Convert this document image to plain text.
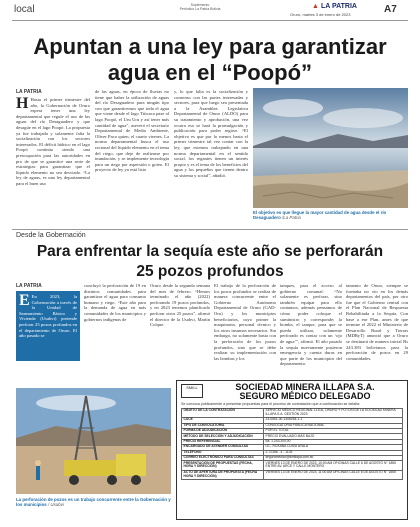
local	Suplemento
Periódico La Patria Bolivia	▲ LA PATRIA
Oruro, martes 3 de enero de 2023	A7
Apuntan a una ley para garantizar agua en el “Poopó”
LA PATRIA
H Hasta el primer trimestre del año, la Gobernación de Oruro espera tener una ley departamental que regule el uso de las aguas del río Desaguadero y que desagüe en el lago Poopó. La propuesta ya fue trabajada y solamente falta la socialización con los sectores interesados. El déficit hídrico en el lago Poopó continúa siendo una preocupación para las autoridades en pro de que se garantice una serie de estrategias para garantizar que el líquido elemento no sea desviado. “La ley de aguas, es una ley departamental para el buen uso
de las aguas, en época de lluvias no tiene que haber la utilización de aguas del río Desaguadero para ningún tipo con que garanticemos que toda el agua que viene desde el lago Titicaca pase al lago Poopó, el Uru Uru y así tener más cantidad de agua”, aseveró el secretario Departamental de Medio Ambiente, Oliver Paco quien, el cuarto viernes. La norma departamental busca el uso racional del líquido elemento en el tema del riego, que deje de realizarse por inundación, y se implemente tecnología para un riego por aspersión o goteo. El proyecto de ley ya está listo
y, lo que falta es la socialización y consenso con las partes interesadas y sectores, para que luego sea presentada a la Asamblea Legislativa Departamental de Oruro (ALDO) para su tratamiento y aprobación, una vez ocurra eso se hará la promulgación y publicación para poder regirse. “El objetivo es que por lo menos hasta el primer trimestre tal vez contar con la ley, que estemos trabajando en una norma departamental en el sentido social, los regantes tienen un interés propio y es el tema de los beneficios del agua y los pequeños que tienen dentro su sistema y social”, añadió.
El objetivo es que llegue la mayor cantidad de agua desde el río Desaguadero /La Patria
Desde la Gobernación
Para enfrentar la sequía este año se perforarán 25 pozos profundos
LA PATRIA
E En 2023, la Gobernación a través de la Unidad de Saneamiento Básico y Vivienda (Usabvi) pretende perforar 25 pozos profundos en el departamento de Oruro. El año pasado se
concluyó la perforación de 19 en distintos comunidades para garantizar el agua para consumo humano y riego. “Este año para la demanda de agua en más comunidades de los municipios y gobiernos indígenas de
Oruro desde la segunda semana del mes de febrero. “Hemos terminado el año (2022) perforando 19 pozos profundos, y en 2023 tenemos planificado perforar otros 25 pozos”, afirmó el director de la Usabvi, Martin Colque.
El trabajo de la perforación de los pozos profundos se realiza de manera concurrente entre el Gobierno Autónomo Departamental de Oruro (GAD-Oru) y los municipios beneficiarios, cuyo primer la maquinaria, personal técnico y los otros insumos necesarios. Sin embargo, no solamente basta con la perforación de los pozos profundos, sino que se debe realizar su implementación con las bombas y los
tanques, para el acceso al gobierno comunal. “No solamente es perforar, sino también equipar para ello contamos, además pensamos de cómo poder coloque el suministro y corresponde; la bomba, el tanque, para que se pueda utilizar, solamente perforado es contar con un ‘ojo de agua’”, afirmó. El año pasado la sequía nuevamente pusieron emergencia y cuenta duras en que parte de los municipios del departamento.
tamento de Oruro, siempre se formaba no vio en los demás departamentos del país, por otro fue que el Gobierno central con el Plan Nacional de Respuesta Rehabilitada a la Sequía. Con base a ese Plan, antes de que termine el 2022 el Ministerio de Desarrollo Rural y Tierras (MDRyT) anunció que a Oruro se destinará de manera inicial Bs 243.383 bolivianos para la perforación de pozos en 29 comunidades.
La perforación de pozos es un trabajo concurrente entre la Gobernación y los municipios / Usabvi
SMILL	SOCIEDAD MINERA ILLAPA S.A.
SEGURO MÉDICO DELEGADO
Se convoca públicamente a presentar propuestas para el proceso de contratación que a continuación se detalla:
OBJETO DE LA CONTRATACIÓN	SERVICIO MÉDICO REGIONAL LLICA, ORURO Y POTOSÍ DE LA SOCIEDAD MINERA ILLAPA S.A. GESTIÓN 2023
CUCE	23-0551-00-1306254-1-1
TIPO DE CONVOCATORIA	CONVOCATORIA PÚBLICA NACIONAL
FORMA DE ADJUDICACIÓN	POR EL TOTAL
MÉTODO DE SELECCIÓN Y ADJUDICACIÓN	PRECIO EVALUADO MÁS BAJO
PRECIO REFERENCIAL	Bs. 1.243.200,00
ENCARGADO DE ATENDER CONSULTAS	LIC. ROXANA CUSSI AYALA
TELÉFONO	2-72356 - 4 - 1103
CORREO ELECTRÓNICO PARA CONSULTAS	seguromedico@smillapa.com.bo
PRESENTACIÓN DE PROPUESTAS (FECHA, HORA Y DIRECCIÓN)	VIERNES 13 DE ENERO DE 2023, 10:00 AM OFICINAS CALLE 6 DE AGOSTO N° 1855 ENTRE AV. ARCE Y CALLE MONTERO
ACTO DE APERTURA DE PROPUESTA (FECHA HORA Y DIRECCIÓN)	VIERNES 13 DE ENERO DE 2023, 11:00 AM OFICINAS CALLE 6 DE AGOSTO N° 1855
